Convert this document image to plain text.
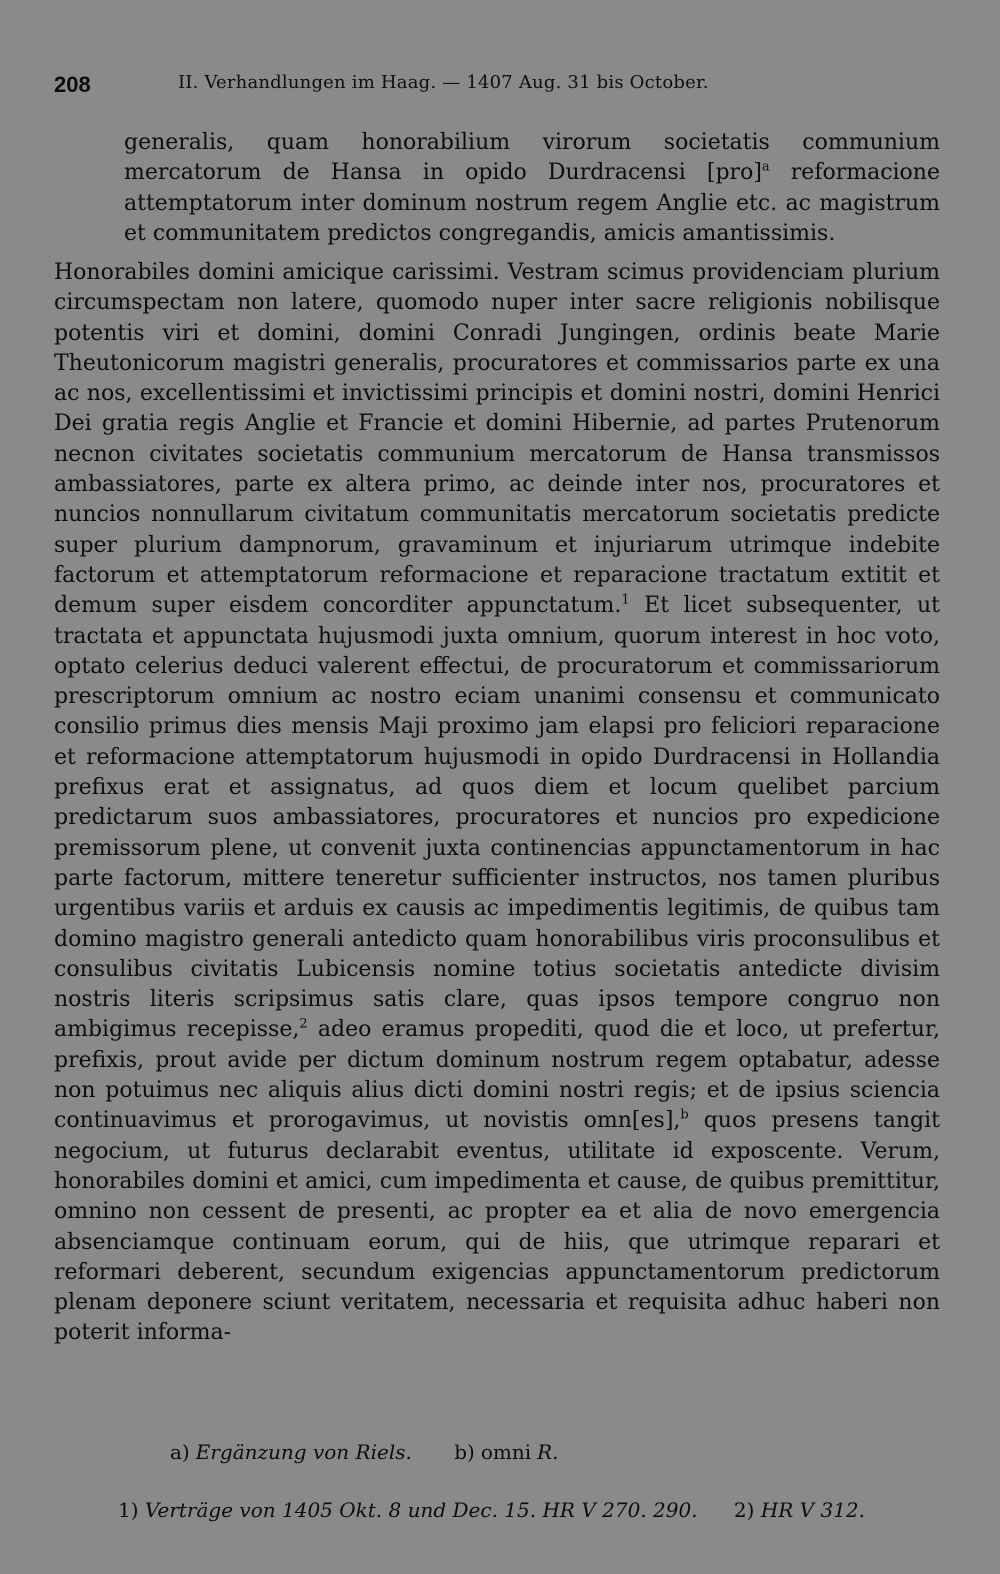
208	II. Verhandlungen im Haag. — 1407 Aug. 31 bis October.

generalis, quam honorabilium virorum societatis communium mercatorum de Hansa in opido Durdracensi [pro]$^a$ reformacione attemptatorum inter dominum nostrum regem Anglie etc. ac magistrum et communitatem predictos congregandis, amicis amantissimis.

Honorabiles domini amicique carissimi. Vestram scimus providenciam plurium circumspectam non latere, quomodo nuper inter sacre religionis nobilisque potentis viri et domini, domini Conradi Jungingen, ordinis beate Marie Theutonicorum magistri generalis, procuratores et commissarios parte ex una ac nos, excellentissimi et invictissimi principis et domini nostri, domini Henrici Dei gratia regis Anglie et Francie et domini Hibernie, ad partes Prutenorum necnon civitates societatis communium mercatorum de Hansa transmissos ambassiatores, parte ex altera primo, ac deinde inter nos, procuratores et nuncios nonnullarum civitatum communitatis mercatorum societatis predicte super plurium dampnorum, gravaminum et injuriarum utrimque indebite factorum et attemptatorum reformacione et reparacione tractatum extitit et demum super eisdem concorditer appunctatum.$^1$ Et licet subsequenter, ut tractata et appunctata hujusmodi juxta omnium, quorum interest in hoc voto, optato celerius deduci valerent effectui, de procuratorum et commissariorum prescriptorum omnium ac nostro eciam unanimi consensu et communicato consilio primus dies mensis Maji proximo jam elapsi pro feliciori reparacione et reformacione attemptatorum hujusmodi in opido Durdracensi in Hollandia prefixus erat et assignatus, ad quos diem et locum quelibet parcium predictarum suos ambassiatores, procuratores et nuncios pro expedicione premissorum plene, ut convenit juxta continencias appunctamentorum in hac parte factorum, mittere teneretur sufficienter instructos, nos tamen pluribus urgentibus variis et arduis ex causis ac impedimentis legitimis, de quibus tam domino magistro generali antedicto quam honorabilibus viris proconsulibus et consulibus civitatis Lubicensis nomine totius societatis antedicte divisim nostris literis scripsimus satis clare, quas ipsos tempore congruo non ambigimus recepisse,$^2$ adeo eramus propediti, quod die et loco, ut prefertur, prefixis, prout avide per dictum dominum nostrum regem optabatur, adesse non potuimus nec aliquis alius dicti domini nostri regis; et de ipsius sciencia continuavimus et prorogavimus, ut novistis omn[es],$^b$ quos presens tangit negocium, ut futurus declarabit eventus, utilitate id exposcente. Verum, honorabiles domini et amici, cum impedimenta et cause, de quibus premittitur, omnino non cessent de presenti, ac propter ea et alia de novo emergencia absenciamque continuam eorum, qui de hiis, que utrimque reparari et reformari deberent, secundum exigencias appunctamentorum predictorum plenam deponere sciunt veritatem, necessaria et requisita adhuc haberi non poterit informa-

a) Ergänzung von Riels. b) omni R.
1) Verträge von 1405 Okt. 8 und Dec. 15. HR V 270. 290. 2) HR V 312.
